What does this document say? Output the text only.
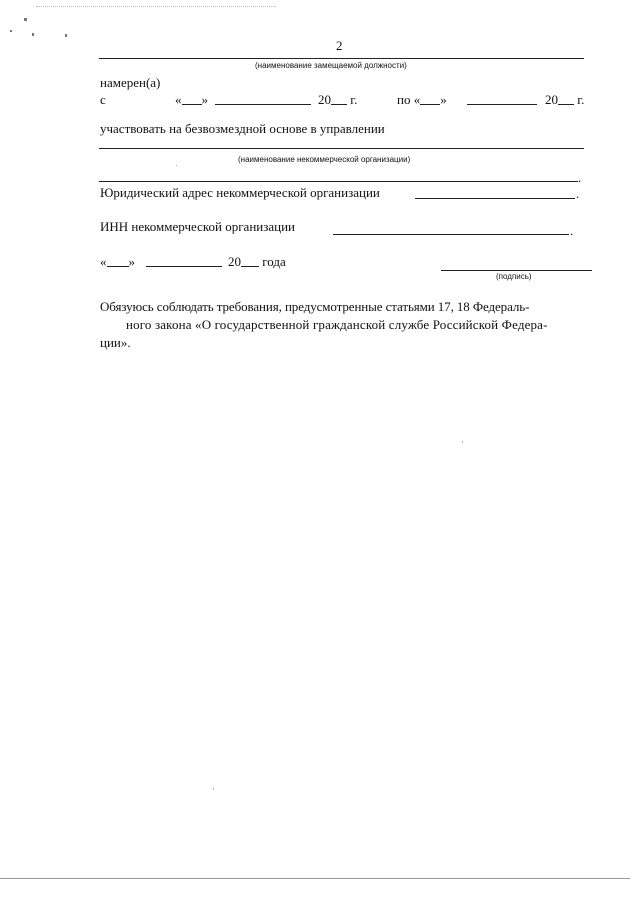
2
(наименование замещаемой должности)
намерен(а)
с	« »	20 г.	по « »	20 г.
участвовать на безвозмездной основе в управлении
(наименование некоммерческой организации)
.
Юридический адрес некоммерческой организации	.
ИНН некоммерческой организации	.
« »	20 года
(подпись)
Обязуюсь соблюдать требования, предусмотренные статьями 17, 18 Федераль-
ного закона «О государственной гражданской службе Российской Федера-
ции».
